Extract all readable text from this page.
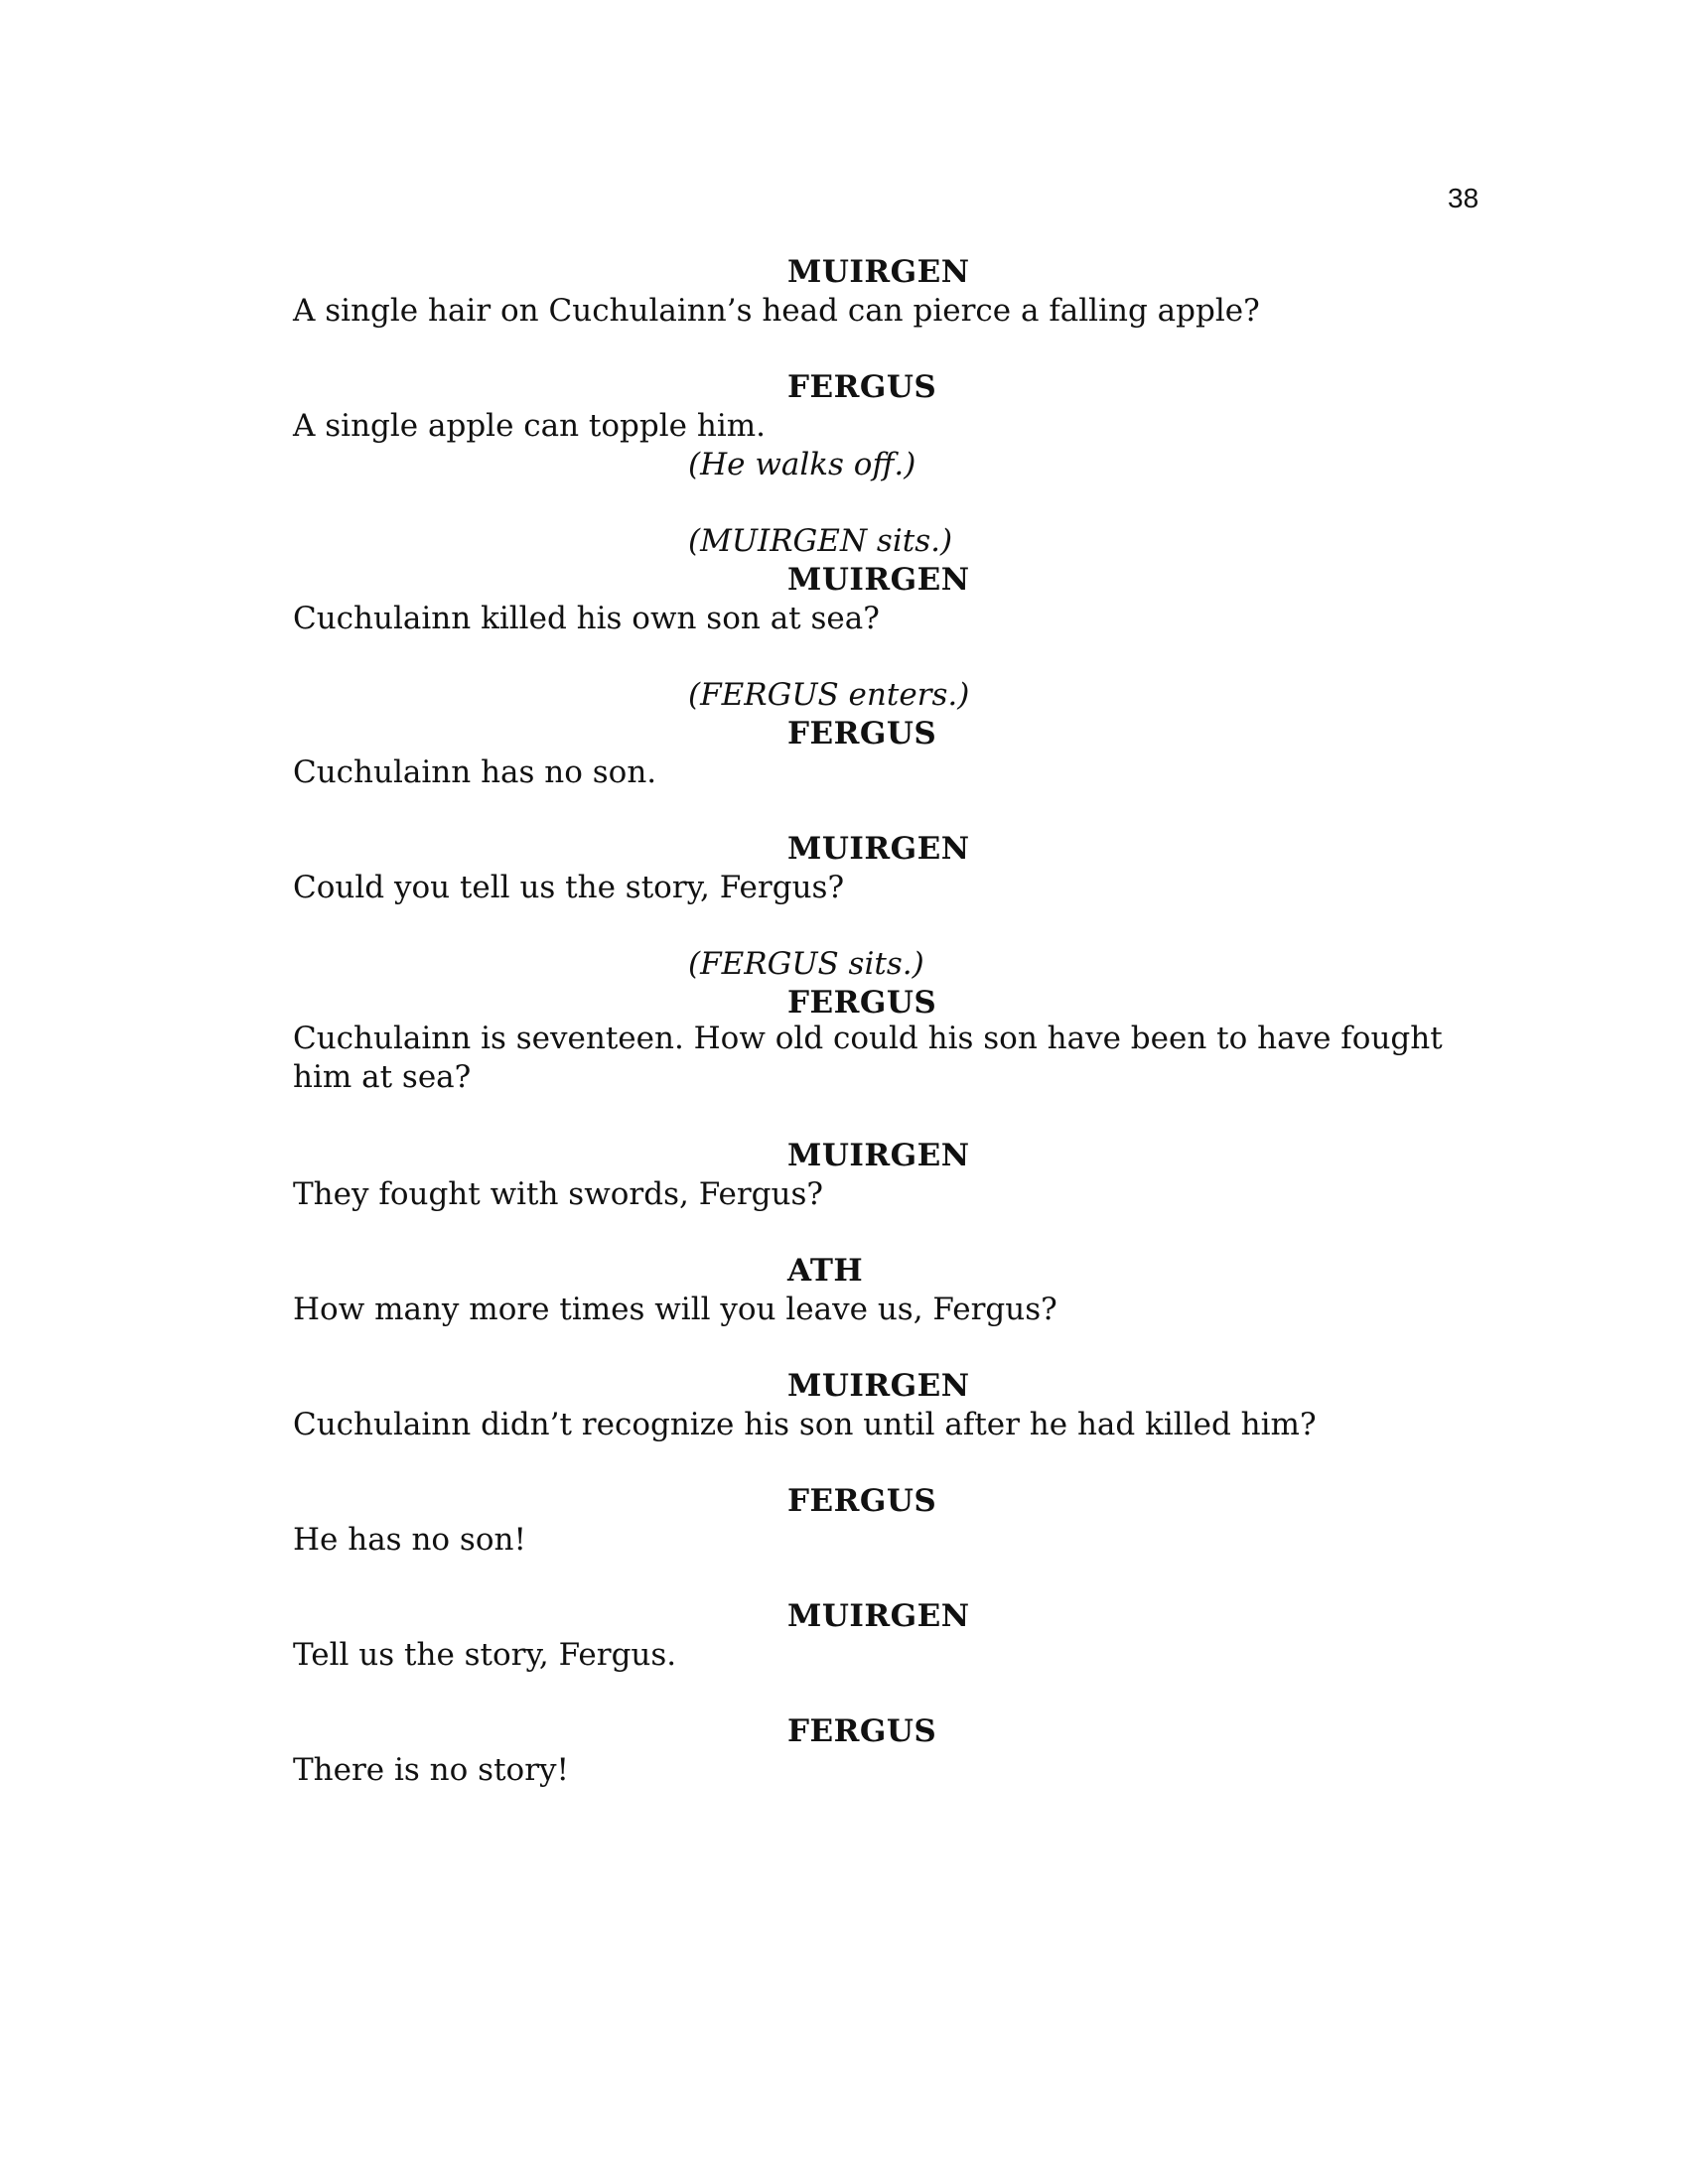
38
MUIRGEN
A single hair on Cuchulainn’s head can pierce a falling apple?
FERGUS
A single apple can topple him.
(He walks off.)
(MUIRGEN sits.)
MUIRGEN
Cuchulainn killed his own son at sea?
(FERGUS enters.)
FERGUS
Cuchulainn has no son.
MUIRGEN
Could you tell us the story, Fergus?
(FERGUS sits.)
FERGUS
Cuchulainn is seventeen. How old could his son have been to have fought him at sea?
MUIRGEN
They fought with swords, Fergus?
ATH
How many more times will you leave us, Fergus?
MUIRGEN
Cuchulainn didn’t recognize his son until after he had killed him?
FERGUS
He has no son!
MUIRGEN
Tell us the story, Fergus.
FERGUS
There is no story!
